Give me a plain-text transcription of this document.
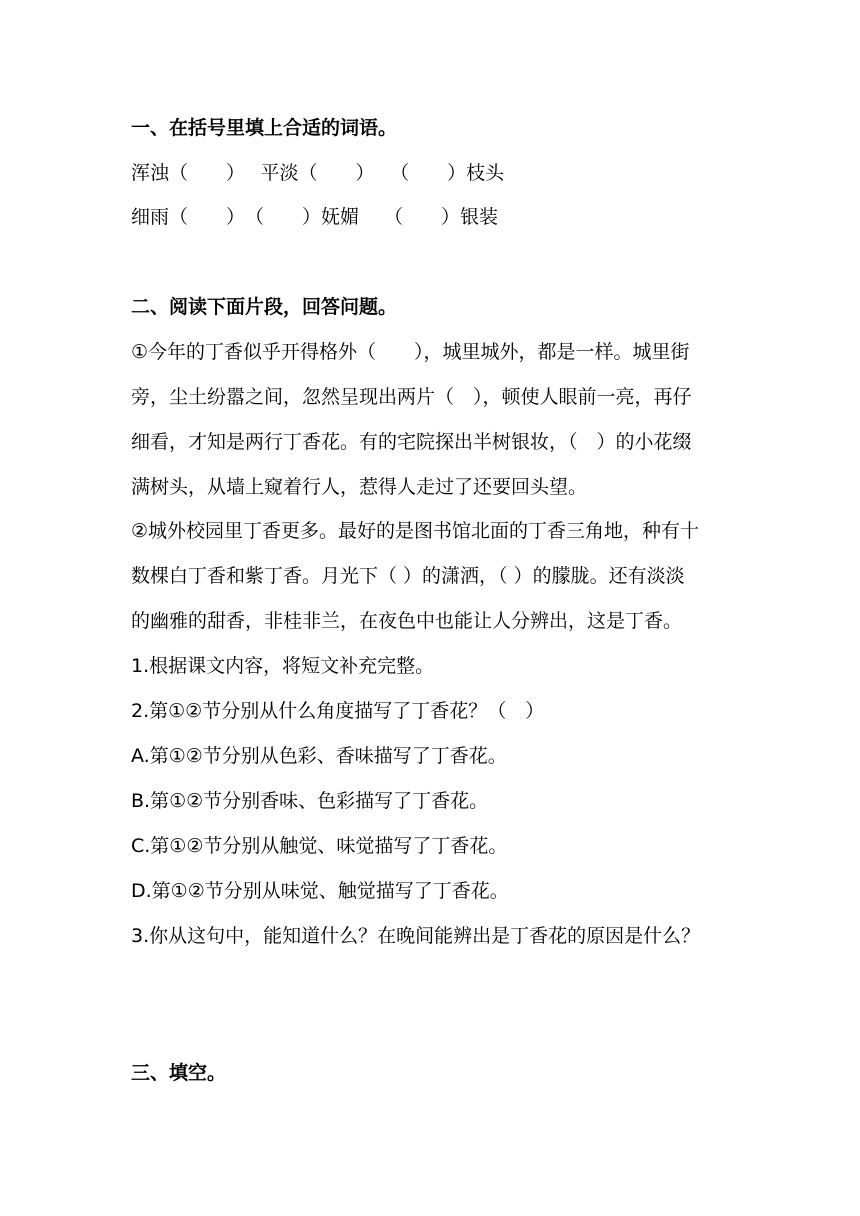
一、在括号里填上合适的词语。
浑浊（　　）　 平淡（　　）　 （　　）枝头
细雨（　　）　（　　）妩媚　 （　　）银装
二、阅读下面片段，回答问题。
①今年的丁香似乎开得格外（　　），城里城外，都是一样。城里街
旁，尘土纷嚣之间，忽然呈现出两片（　），顿使人眼前一亮，再仔
细看，才知是两行丁香花。有的宅院探出半树银妆，（　）的小花缀
满树头，从墙上窥着行人，惹得人走过了还要回头望。
②城外校园里丁香更多。最好的是图书馆北面的丁香三角地，种有十
数棵白丁香和紫丁香。月光下（ ）的潇洒，（ ）的朦胧。还有淡淡
的幽雅的甜香，非桂非兰，在夜色中也能让人分辨出，这是丁香。
1.根据课文内容，将短文补充完整。
2.第①②节分别从什么角度描写了丁香花？（　）
A.第①②节分别从色彩、香味描写了丁香花。
B.第①②节分别香味、色彩描写了丁香花。
C.第①②节分别从触觉、味觉描写了丁香花。
D.第①②节分别从味觉、触觉描写了丁香花。
3.你从这句中，能知道什么？在晚间能辨出是丁香花的原因是什么？
三、填空。
